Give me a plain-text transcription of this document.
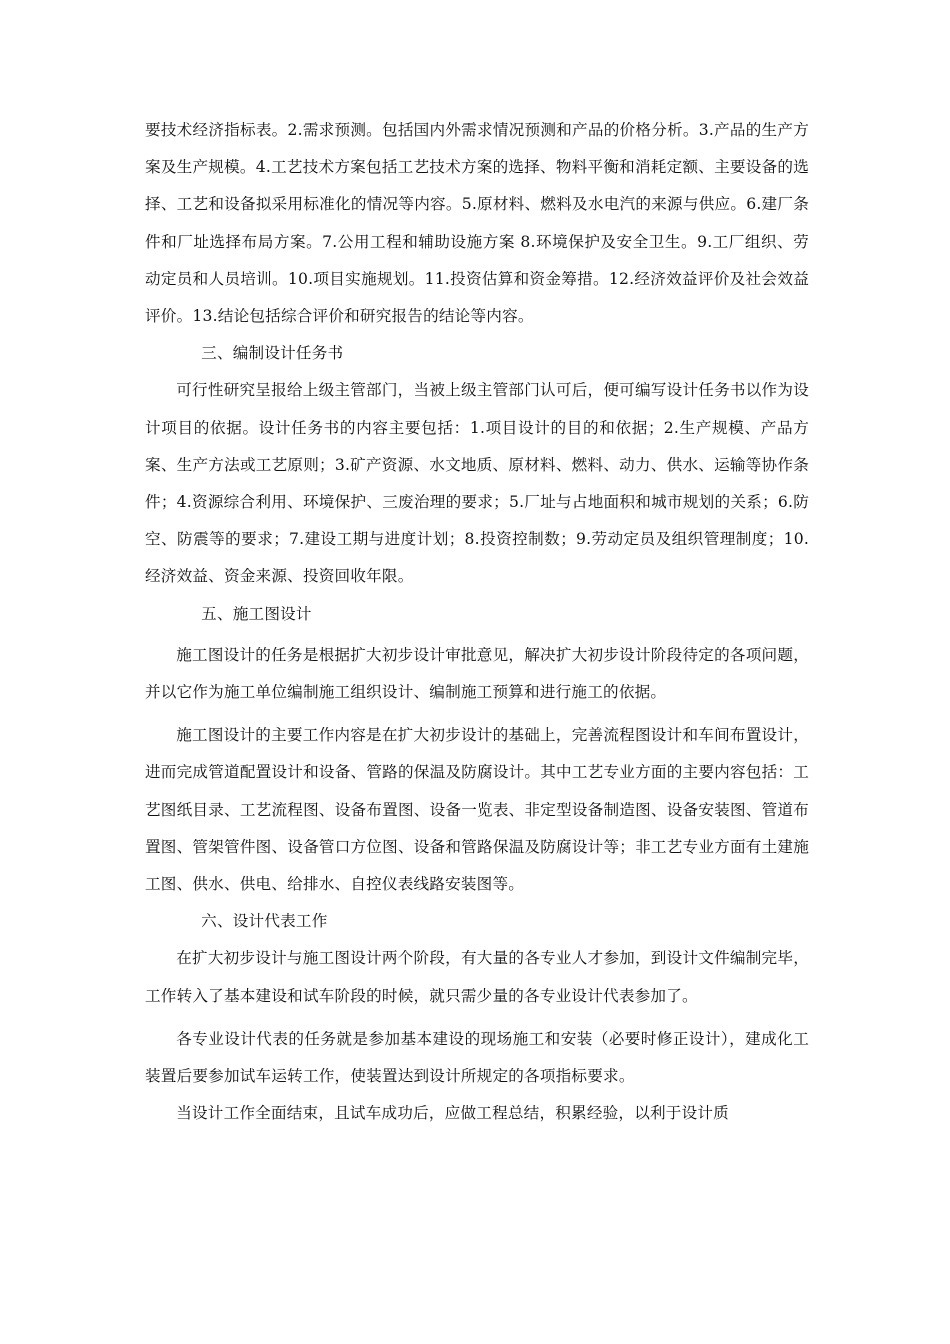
要技术经济指标表。2.需求预测。包括国内外需求情况预测和产品的价格分析。3.产品的生产方案及生产规模。4.工艺技术方案包括工艺技术方案的选择、物料平衡和消耗定额、主要设备的选择、工艺和设备拟采用标准化的情况等内容。5.原材料、燃料及水电汽的来源与供应。6.建厂条件和厂址选择布局方案。7.公用工程和辅助设施方案 8.环境保护及安全卫生。9.工厂组织、劳动定员和人员培训。10.项目实施规划。11.投资估算和资金筹措。12.经济效益评价及社会效益评价。13.结论包括综合评价和研究报告的结论等内容。

三、编制设计任务书

可行性研究呈报给上级主管部门，当被上级主管部门认可后，便可编写设计任务书以作为设计项目的依据。设计任务书的内容主要包括：1.项目设计的目的和依据；2.生产规模、产品方案、生产方法或工艺原则；3.矿产资源、水文地质、原材料、燃料、动力、供水、运输等协作条件；4.资源综合利用、环境保护、三废治理的要求；5.厂址与占地面积和城市规划的关系；6.防空、防震等的要求；7.建设工期与进度计划；8.投资控制数；9.劳动定员及组织管理制度；10.经济效益、资金来源、投资回收年限。

五、施工图设计

施工图设计的任务是根据扩大初步设计审批意见，解决扩大初步设计阶段待定的各项问题，并以它作为施工单位编制施工组织设计、编制施工预算和进行施工的依据。

施工图设计的主要工作内容是在扩大初步设计的基础上，完善流程图设计和车间布置设计，进而完成管道配置设计和设备、管路的保温及防腐设计。其中工艺专业方面的主要内容包括：工艺图纸目录、工艺流程图、设备布置图、设备一览表、非定型设备制造图、设备安装图、管道布置图、管架管件图、设备管口方位图、设备和管路保温及防腐设计等；非工艺专业方面有土建施工图、供水、供电、给排水、自控仪表线路安装图等。

六、设计代表工作

在扩大初步设计与施工图设计两个阶段，有大量的各专业人才参加，到设计文件编制完毕，工作转入了基本建设和试车阶段的时候，就只需少量的各专业设计代表参加了。

各专业设计代表的任务就是参加基本建设的现场施工和安装（必要时修正设计），建成化工装置后要参加试车运转工作，使装置达到设计所规定的各项指标要求。

当设计工作全面结束，且试车成功后，应做工程总结，积累经验，以利于设计质
